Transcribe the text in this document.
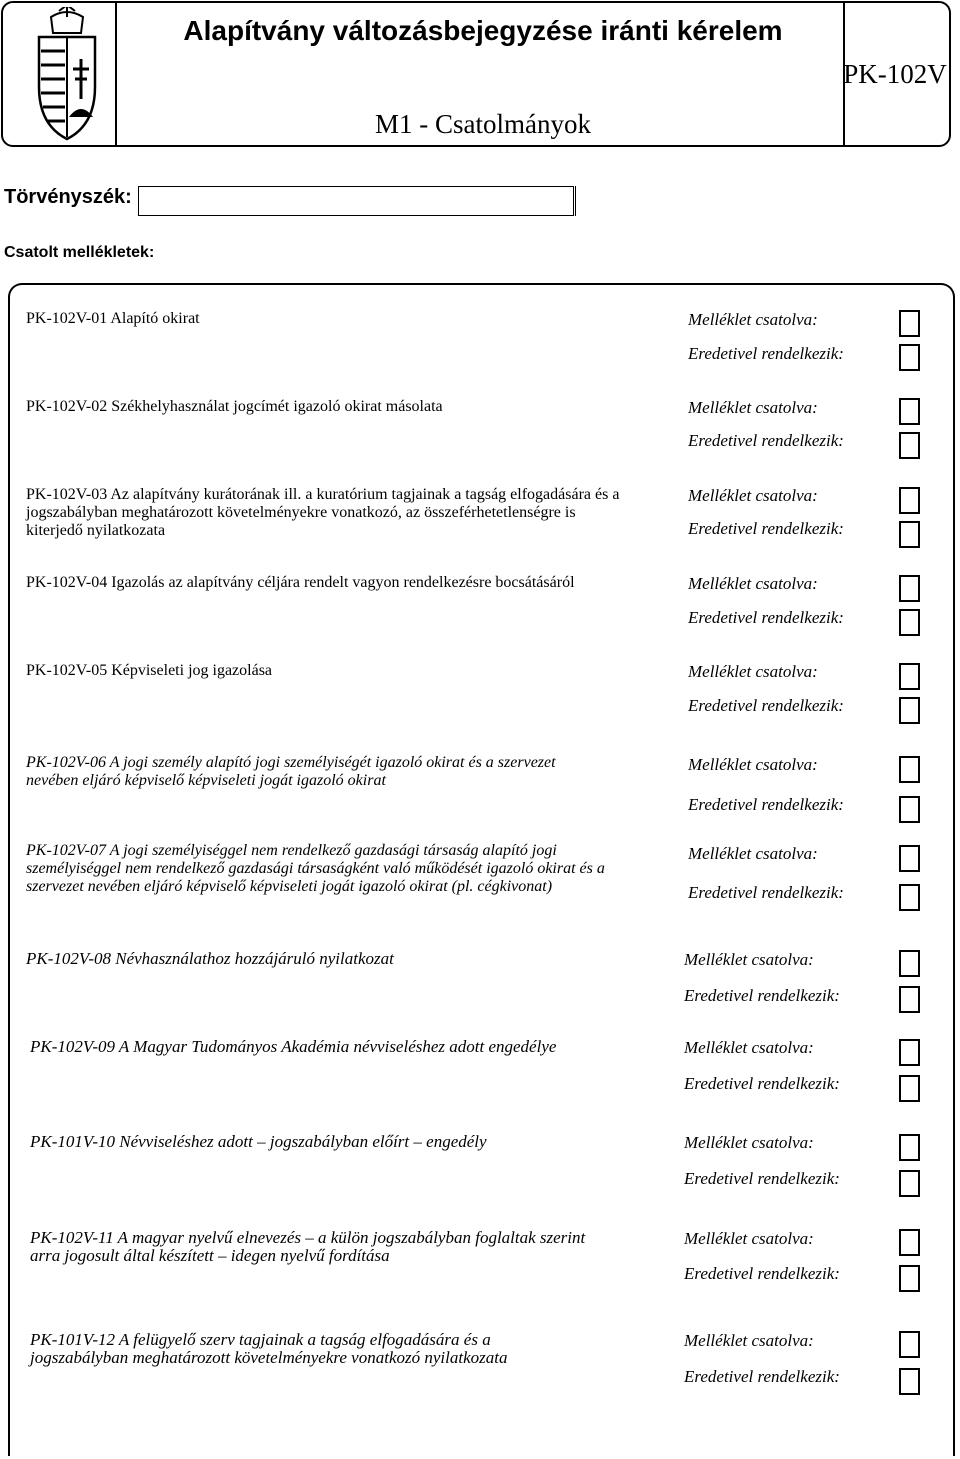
Alapítvány változásbejegyzése iránti kérelem
M1 - Csatolmányok
PK-102V
Törvényszék:
Csatolt mellékletek:
PK-102V-01 Alapító okirat	Melléklet csatolva:
Eredetivel rendelkezik:
PK-102V-02 Székhelyhasználat jogcímét igazoló okirat másolata	Melléklet csatolva:
Eredetivel rendelkezik:
PK-102V-03 Az alapítvány kurátorának ill. a kuratórium tagjainak a tagság elfogadására és a jogszabályban meghatározott követelményekre vonatkozó, az összeférhetetlenségre is kiterjedő nyilatkozata
Melléklet csatolva:
Eredetivel rendelkezik:
PK-102V-04 Igazolás az alapítvány céljára rendelt vagyon rendelkezésre bocsátásáról	Melléklet csatolva:
Eredetivel rendelkezik:
PK-102V-05 Képviseleti jog igazolása	Melléklet csatolva:
Eredetivel rendelkezik:
PK-102V-06 A jogi személy alapító jogi személyiségét igazoló okirat és a szervezet nevében eljáró képviselő képviseleti jogát igazoló okirat
Melléklet csatolva:
Eredetivel rendelkezik:
PK-102V-07 A jogi személyiséggel nem rendelkező gazdasági társaság alapító jogi személyiséggel nem rendelkező gazdasági társaságként való működését igazoló okirat és a szervezet nevében eljáró képviselő képviseleti jogát igazoló okirat (pl. cégkivonat)
Melléklet csatolva:
Eredetivel rendelkezik:
PK-102V-08 Névhasználathoz hozzájáruló nyilatkozat	Melléklet csatolva:
Eredetivel rendelkezik:
PK-102V-09 A Magyar Tudományos Akadémia névviseléshez adott engedélye	Melléklet csatolva:
Eredetivel rendelkezik:
PK-101V-10 Névviseléshez adott – jogszabályban előírt – engedély	Melléklet csatolva:
Eredetivel rendelkezik:
PK-102V-11 A magyar nyelvű elnevezés – a külön jogszabályban foglaltak szerint arra jogosult által készített – idegen nyelvű fordítása
Melléklet csatolva:
Eredetivel rendelkezik:
PK-101V-12 A felügyelő szerv tagjainak a tagság elfogadására és a jogszabályban meghatározott követelményekre vonatkozó nyilatkozata
Melléklet csatolva:
Eredetivel rendelkezik:
